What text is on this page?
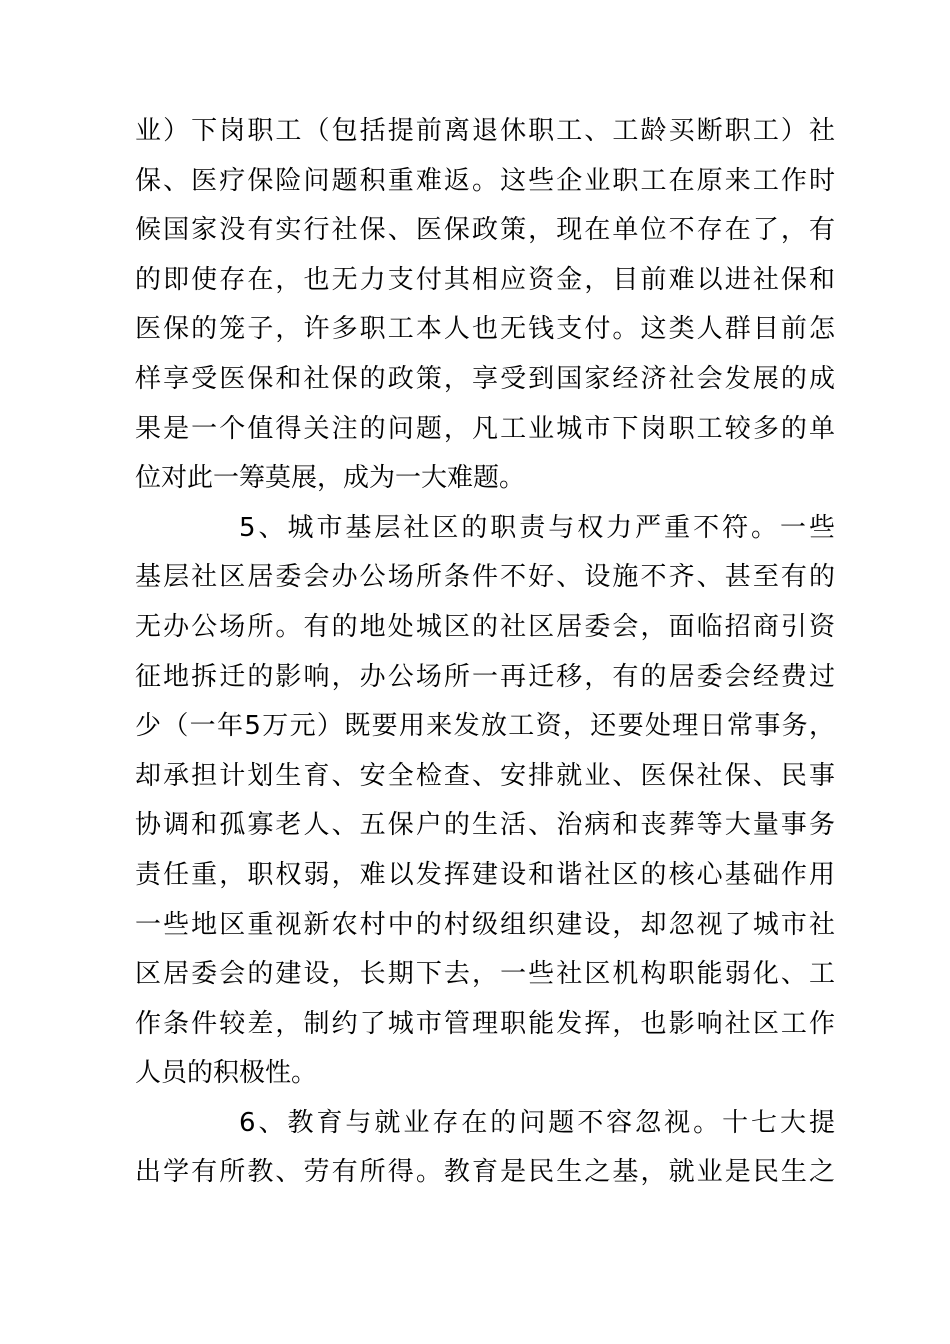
业）下岗职工（包括提前离退休职工、工龄买断职工）社
保、医疗保险问题积重难返。这些企业职工在原来工作时
候国家没有实行社保、医保政策，现在单位不存在了，有
的即使存在，也无力支付其相应资金，目前难以进社保和
医保的笼子，许多职工本人也无钱支付。这类人群目前怎
样享受医保和社保的政策，享受到国家经济社会发展的成
果是一个值得关注的问题，凡工业城市下岗职工较多的单
位对此一筹莫展，成为一大难题。
5、城市基层社区的职责与权力严重不符。一些
基层社区居委会办公场所条件不好、设施不齐、甚至有的
无办公场所。有的地处城区的社区居委会，面临招商引资
征地拆迁的影响，办公场所一再迁移，有的居委会经费过
少（一年5万元）既要用来发放工资，还要处理日常事务，
却承担计划生育、安全检查、安排就业、医保社保、民事
协调和孤寡老人、五保户的生活、治病和丧葬等大量事务
责任重，职权弱，难以发挥建设和谐社区的核心基础作用
一些地区重视新农村中的村级组织建设，却忽视了城市社
区居委会的建设，长期下去，一些社区机构职能弱化、工
作条件较差，制约了城市管理职能发挥，也影响社区工作
人员的积极性。
6、教育与就业存在的问题不容忽视。十七大提
出学有所教、劳有所得。教育是民生之基，就业是民生之
